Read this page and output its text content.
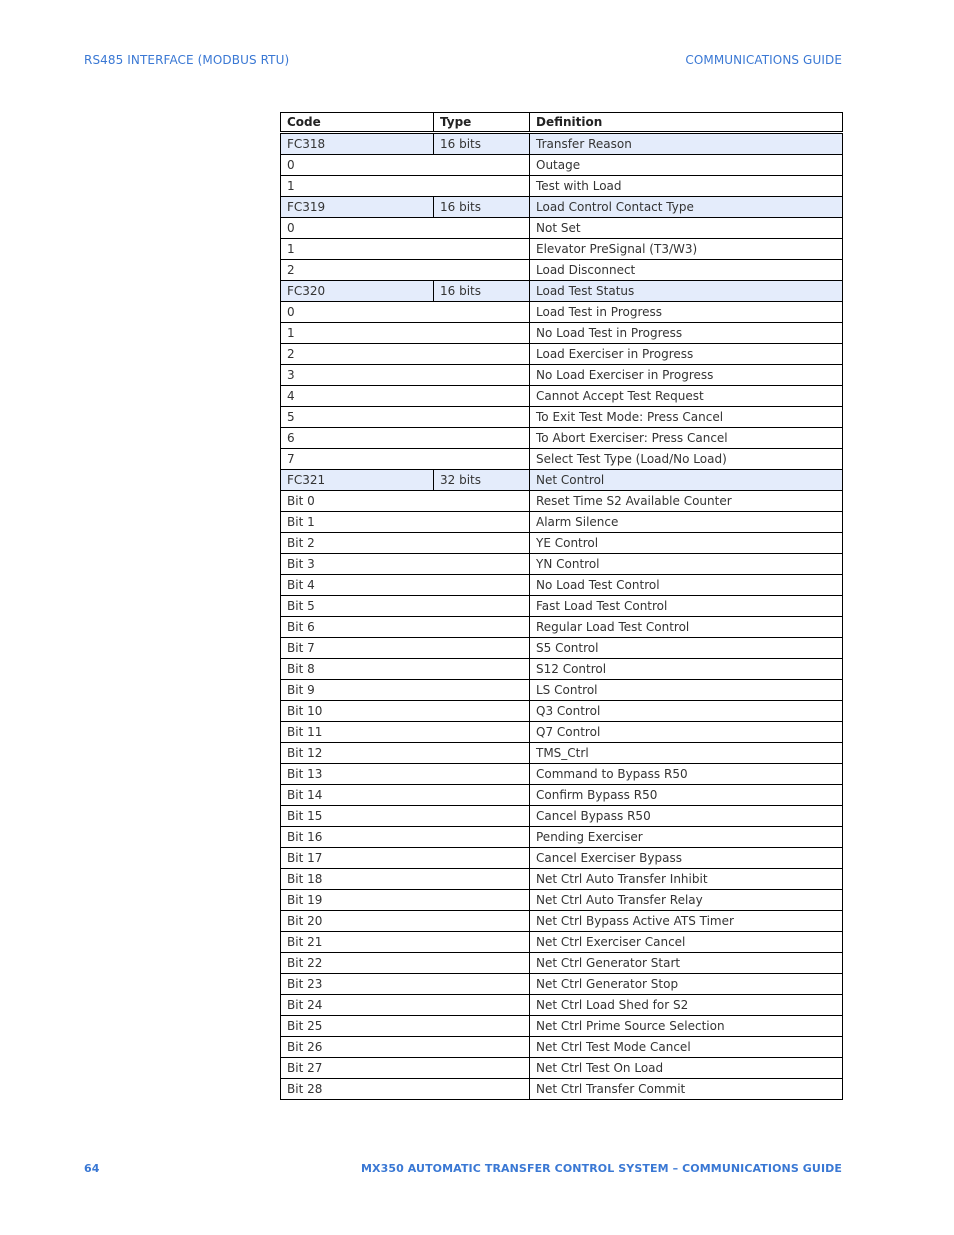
RS485 INTERFACE (MODBUS RTU)	COMMUNICATIONS GUIDE
Code	Type	Definition
FC318	16 bits	Transfer Reason
0		Outage
1		Test with Load
FC319	16 bits	Load Control Contact Type
0		Not Set
1		Elevator PreSignal (T3/W3)
2		Load Disconnect
FC320	16 bits	Load Test Status
0		Load Test in Progress
1		No Load Test in Progress
2		Load Exerciser in Progress
3		No Load Exerciser in Progress
4		Cannot Accept Test Request
5		To Exit Test Mode: Press Cancel
6		To Abort Exerciser: Press Cancel
7		Select Test Type (Load/No Load)
FC321	32 bits	Net Control
Bit 0		Reset Time S2 Available Counter
Bit 1		Alarm Silence
Bit 2		YE Control
Bit 3		YN Control
Bit 4		No Load Test Control
Bit 5		Fast Load Test Control
Bit 6		Regular Load Test Control
Bit 7		S5 Control
Bit 8		S12 Control
Bit 9		LS Control
Bit 10		Q3 Control
Bit 11		Q7 Control
Bit 12		TMS_Ctrl
Bit 13		Command to Bypass R50
Bit 14		Confirm Bypass R50
Bit 15		Cancel Bypass R50
Bit 16		Pending Exerciser
Bit 17		Cancel Exerciser Bypass
Bit 18		Net Ctrl Auto Transfer Inhibit
Bit 19		Net Ctrl Auto Transfer Relay
Bit 20		Net Ctrl Bypass Active ATS Timer
Bit 21		Net Ctrl Exerciser Cancel
Bit 22		Net Ctrl Generator Start
Bit 23		Net Ctrl Generator Stop
Bit 24		Net Ctrl Load Shed for S2
Bit 25		Net Ctrl Prime Source Selection
Bit 26		Net Ctrl Test Mode Cancel
Bit 27		Net Ctrl Test On Load
Bit 28		Net Ctrl Transfer Commit
64	MX350 AUTOMATIC TRANSFER CONTROL SYSTEM – COMMUNICATIONS GUIDE
